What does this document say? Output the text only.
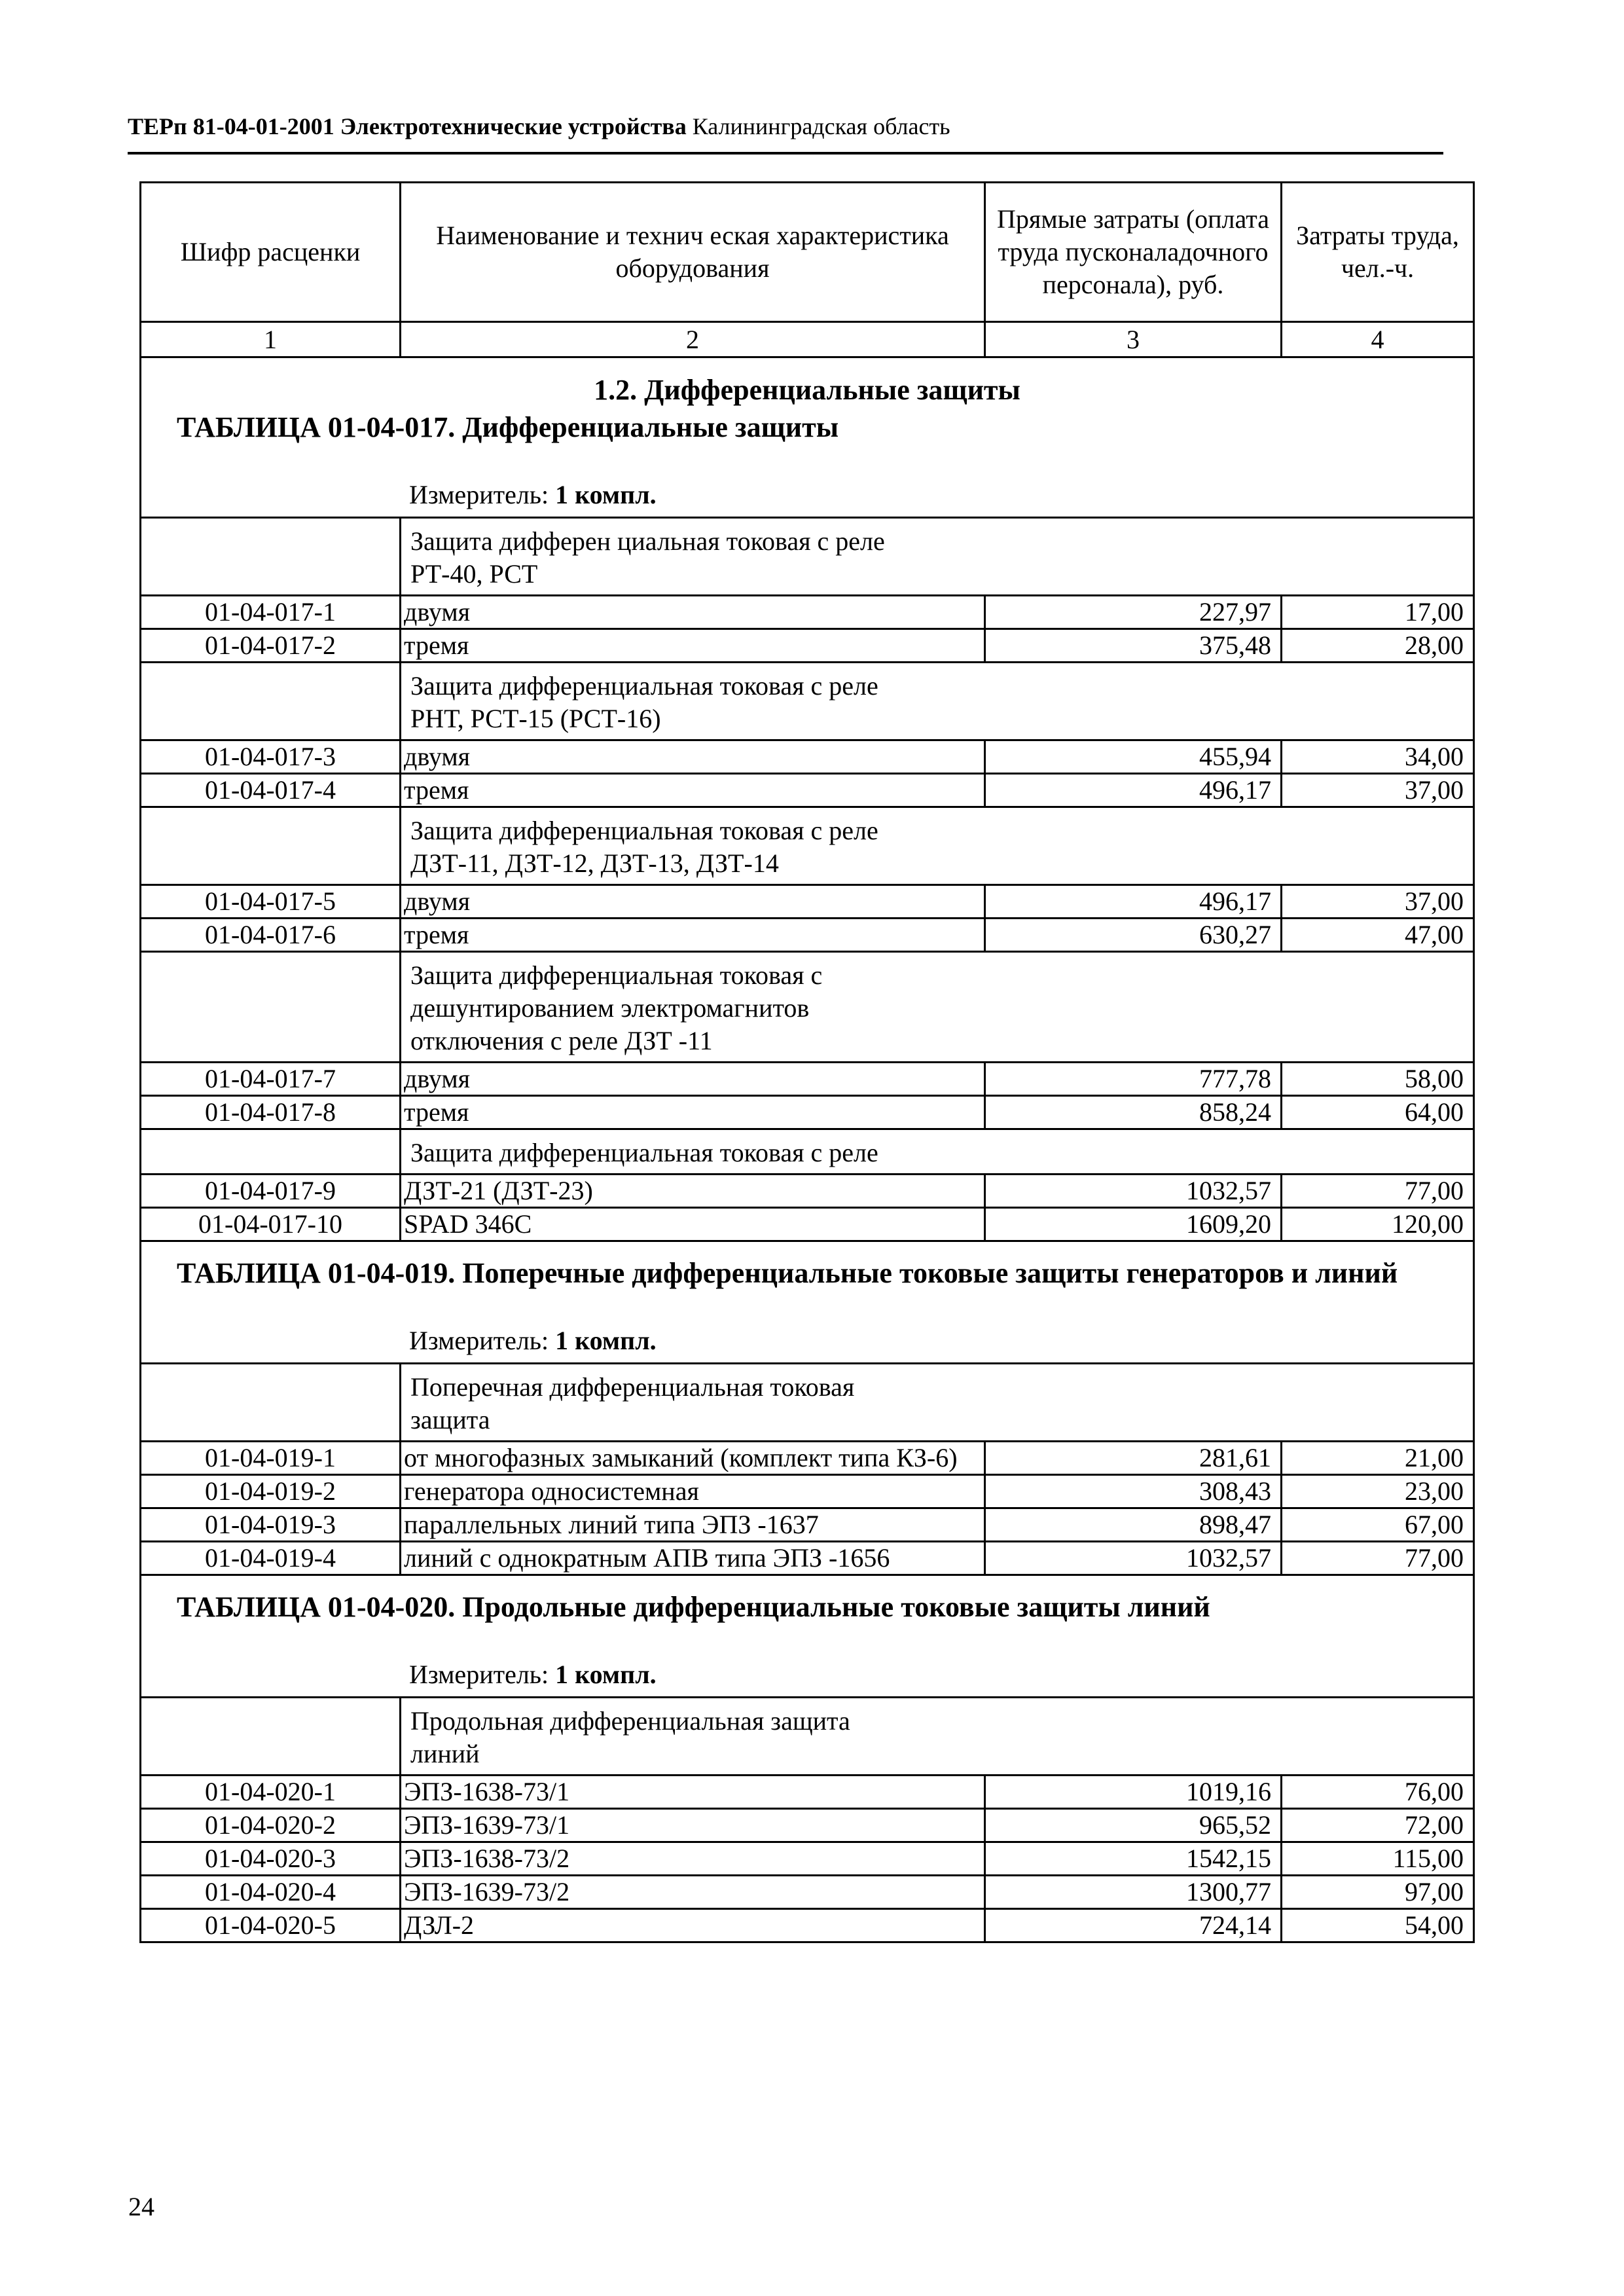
ТЕРп 81-04-01-2001 Электротехнические устройства Калининградская область
Шифр расценки	Наименование и технич еская характеристика оборудования	Прямые затраты (оплата труда пусконаладочного персонала), руб.	Затраты труда, чел.-ч.
1	2	3	4

1.2. Дифференциальные защиты
ТАБЛИЦА 01-04-017. Дифференциальные защиты
Измеритель: 1 компл.			

	Защита дифферен циальная токовая с реле РТ-40, РСТ		

01-04-017-1	двумя	227,97	17,00
01-04-017-2	тремя	375,48	28,00

	Защита дифференциальная токовая с реле РНТ, РСТ-15 (РСТ-16)		

01-04-017-3	двумя	455,94	34,00
01-04-017-4	тремя	496,17	37,00

	Защита дифференциальная токовая с реле ДЗТ-11, ДЗТ-12, ДЗТ-13, ДЗТ-14		

01-04-017-5	двумя	496,17	37,00
01-04-017-6	тремя	630,27	47,00

	Защита дифференциальная токовая с дешунтированием электромагнитов отключения с реле ДЗТ -11		

01-04-017-7	двумя	777,78	58,00
01-04-017-8	тремя	858,24	64,00

	Защита дифференциальная токовая с реле		

01-04-017-9	ДЗТ-21 (ДЗТ-23)	1032,57	77,00
01-04-017-10	SPAD 346C	1609,20	120,00

ТАБЛИЦА 01-04-019. Поперечные дифференциальные токовые защиты генераторов и линий
Измеритель: 1 компл.			

	Поперечная дифференциальная токовая защита		

01-04-019-1	от многофазных замыканий (комплект типа КЗ-6)	281,61	21,00
01-04-019-2	генератора односистемная	308,43	23,00
01-04-019-3	параллельных линий типа ЭПЗ -1637	898,47	67,00
01-04-019-4	линий с однократным АПВ типа ЭПЗ -1656	1032,57	77,00

ТАБЛИЦА 01-04-020. Продольные дифференциальные токовые защиты линий
Измеритель: 1 компл.			

	Продольная дифференциальная защита линий		

01-04-020-1	ЭПЗ-1638-73/1	1019,16	76,00
01-04-020-2	ЭПЗ-1639-73/1	965,52	72,00
01-04-020-3	ЭПЗ-1638-73/2	1542,15	115,00
01-04-020-4	ЭПЗ-1639-73/2	1300,77	97,00
01-04-020-5	ДЗЛ-2	724,14	54,00
24
